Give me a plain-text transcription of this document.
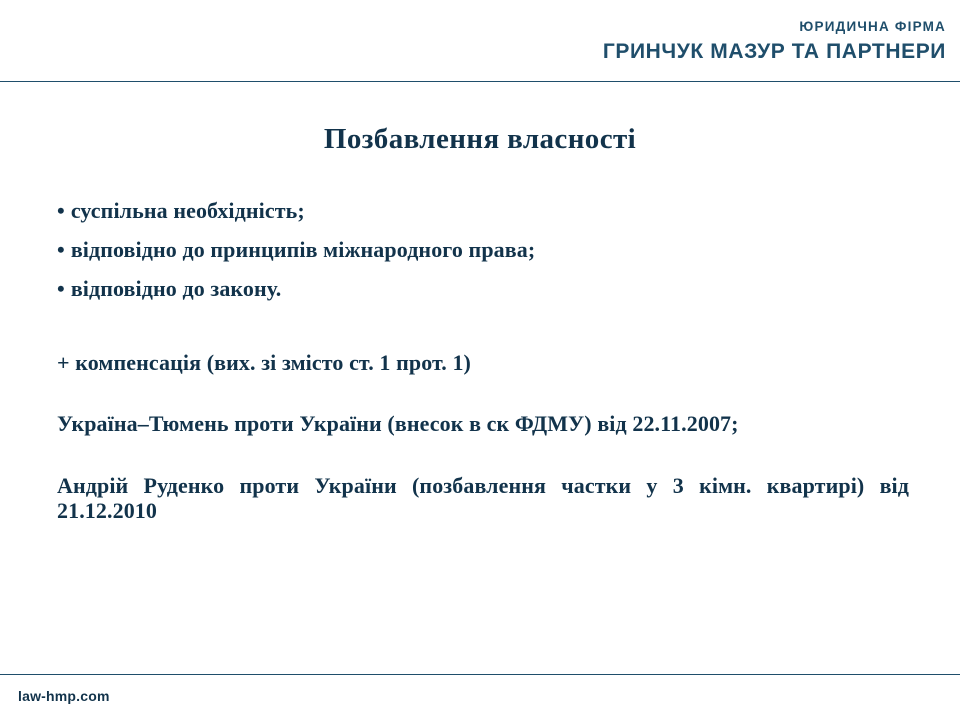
ЮРИДИЧНА ФІРМА
ГРИНЧУК МАЗУР ТА ПАРТНЕРИ
Позбавлення власності
• суспільна необхідність;
• відповідно до принципів міжнародного права;
• відповідно до закону.
+ компенсація (вих. зі змісто ст. 1 прот. 1)
Україна–Тюмень проти України (внесок в ск ФДМУ) від 22.11.2007;
Андрій Руденко проти України (позбавлення частки у 3 кімн. квартирі) від 21.12.2010
law-hmp.com
